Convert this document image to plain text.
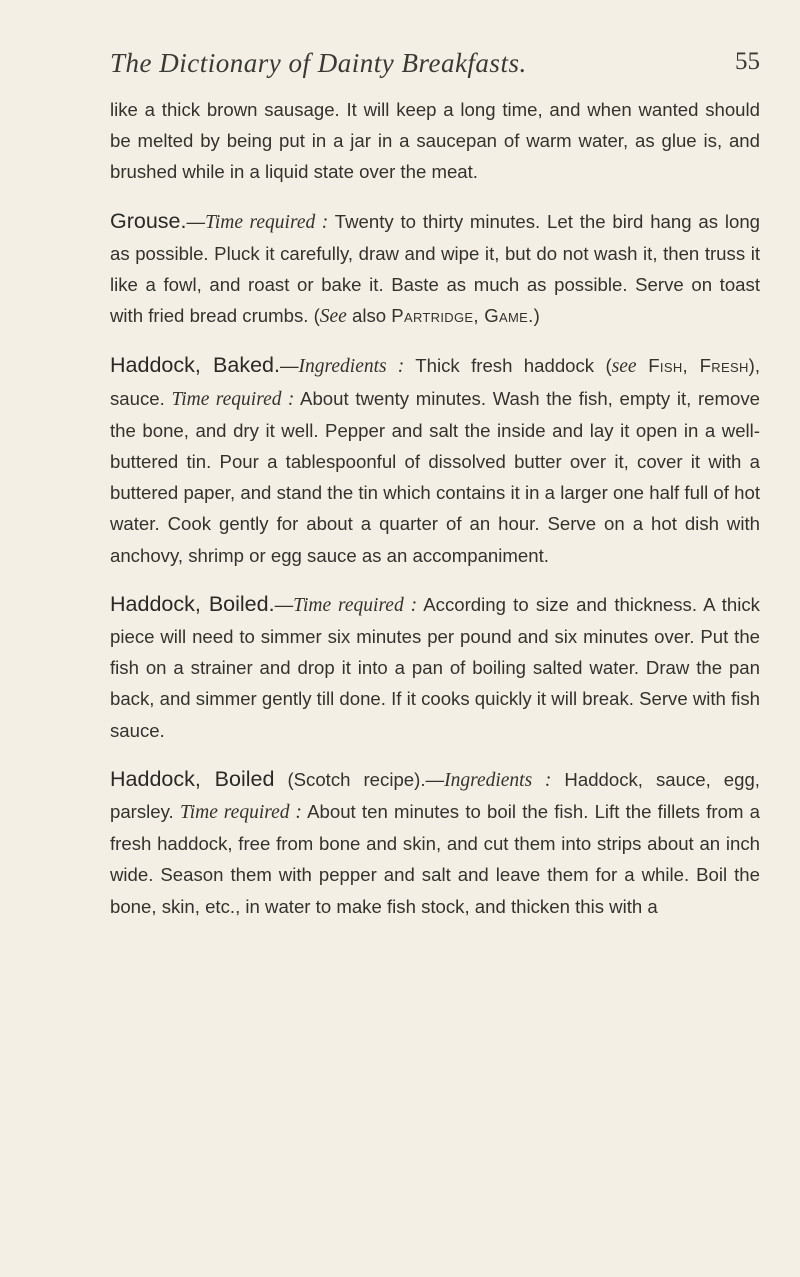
The Dictionary of Dainty Breakfasts.	55

like a thick brown sausage. It will keep a long time, and when wanted should be melted by being put in a jar in a saucepan of warm water, as glue is, and brushed while in a liquid state over the meat.

Grouse.—Time required : Twenty to thirty minutes. Let the bird hang as long as possible. Pluck it carefully, draw and wipe it, but do not wash it, then truss it like a fowl, and roast or bake it. Baste as much as possible. Serve on toast with fried bread crumbs. (See also Partridge, Game.)

Haddock, Baked.—Ingredients : Thick fresh haddock (see Fish, Fresh), sauce. Time required : About twenty minutes. Wash the fish, empty it, remove the bone, and dry it well. Pepper and salt the inside and lay it open in a well-buttered tin. Pour a tablespoonful of dissolved butter over it, cover it with a buttered paper, and stand the tin which contains it in a larger one half full of hot water. Cook gently for about a quarter of an hour. Serve on a hot dish with anchovy, shrimp or egg sauce as an accompaniment.

Haddock, Boiled.—Time required : According to size and thickness. A thick piece will need to simmer six minutes per pound and six minutes over. Put the fish on a strainer and drop it into a pan of boiling salted water. Draw the pan back, and simmer gently till done. If it cooks quickly it will break. Serve with fish sauce.

Haddock, Boiled (Scotch recipe).—Ingredients : Haddock, sauce, egg, parsley. Time required : About ten minutes to boil the fish. Lift the fillets from a fresh haddock, free from bone and skin, and cut them into strips about an inch wide. Season them with pepper and salt and leave them for a while. Boil the bone, skin, etc., in water to make fish stock, and thicken this with a
